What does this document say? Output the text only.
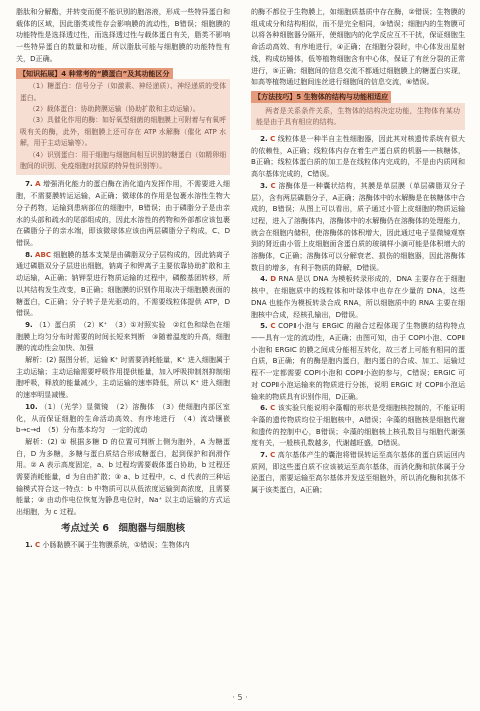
脂肽和分解酯，并转变而便不能识别的胞溶液，形成一些特异蛋白和载体的区域，因此脂类或性存会影响膜的流动性，B错误；细胞膜的功能特性是选择透过性，而选择透过性与载体蛋白有关，脂类不影响一些特异蛋白的数量和功能，所以脂肽可能与细胞膜的功能特性有关，D正确。

【知识拓展】4 种常考的“膜蛋白”及其功能区分

（1）糖蛋白：信号分子（如激素、神经递质）、神经递质的受体蛋白。

（2）载体蛋白：协助跨膜运输（协助扩散和主动运输）。

（3）具催化作用的酶：如好氧型细菌的细胞膜上可附着与有氧呼吸有关的酶，此外，细胞膜上还可存在 ATP 水解酶（催化 ATP 水解，用于主动运输等）。

（4）识别蛋白：用于细胞与细胞间相互识别的糖蛋白（如精卵细胞间的识别、免疫细胞对抗原的特异性识别等）。

7. A 增强消化能力的蛋白酶在消化道内发挥作用，不需要进入细胞，不需要膜转运运输，A正确；微球体的作用是包裹水溶性生物大分子药物，运输到患病部位的细胞中，B错误；由于磷脂分子是由亲水的头部和疏水的尾部组成的，因此水溶性的药物和外部都应该包裹在磷脂分子的亲水端，即该微球体应该由两层磷脂分子构成，C、D错误。

8. ABC 细胞膜的基本支架是由磷脂双分子层构成的，因此钠离子通过磷脂双分子层进出细胞，钠离子和钾离子主要依靠协助扩散和主动运输，A正确；钠钾泵进行物质运输的过程中，磷酸基团转移，所以其结构发生改变，B正确；细胞膜的识别作用取决于细胞膜表面的糖蛋白，C正确；分子转子是光驱动的，不需要线粒体提供 ATP，D错误。

9. （1）蛋白质　（2）K⁺　（3）①对照实验　②红色和绿色在细胞膜上均匀分布时需要的时间长短来判断　③随着温度的升高，细胞膜的流动性会加快、加强

解析：(2) 据图分析，运输 K⁺ 时需要消耗能量，K⁺ 进入细胞属于主动运输；主动运输需要呼吸作用提供能量，加入呼吸抑制剂抑制细胞呼吸，释放的能量减少，主动运输的速率降低，所以 K⁺ 进入细胞的速率明显减慢。

10. （1）（光学）显微镜　（2）溶酶体　（3）使细胞内部区室化，从而保证细胞的生命活动高效、有序地进行　（4）流动镶嵌　b→c→d　（5）分布基本均匀　一定的流动

解析：(2) ① 根据多糖 D 的位置可判断上侧为胞外，A 为糖蛋白，D 为多糖，多糖与蛋白质结合形成糖蛋白，起到保护和润滑作用。② A 表示高度固定，a、b 过程均需要载体蛋白协助，b 过程还需要消耗能量，d 为自由扩散；③ a、b 过程中，c、d 代表的三种运输模式符合这一特点：b 中物质可以从低浓度运输到高浓度，且需要能量；③ 由动作电位恢复为静息电位时，Na⁺ 以主动运输的方式运出细胞，为 c 过程。

考点过关 6　细胞器与细胞核

1. C 小肠黏膜不属于生物膜系统，①错误；生物体内

的酶不都位于生物膜上，如细胞质基质中存在酶，②错误；生物膜的组成成分和结构相似，而不是完全相同，③错误；细胞内的生物膜可以将各种细胞器分隔开，使细胞内的化学反应互不干扰，保证细胞生命活动高效、有序地进行，④正确；在细胞分裂时，中心体发出星射线，构成纺锤体，低等植物细胞含有中心体，保证了有丝分裂的正常进行，⑤正确；细胞间的信息交流不都通过细胞膜上的糖蛋白实现，如高等植物通过胞间连丝进行细胞间的信息交流，⑥错误。

【方法技巧】5 生物体的结构与功能相适应

两者是关系条件关系，生物体的结构决定功能，生物体有某功能是由于具有相应的结构。

2. C 线粒体是一种半自主性细胞器，因此其对核遗传系统有很大的依赖性，A正确；线粒体内存在着生产蛋白质的机器——核糖体，B正确；线粒体蛋白质的加工是在线粒体内完成的，不是由内质网和高尔基体完成的，C错误。

3. C 溶酶体是一种囊状结构，其膜是单层膜（单层磷脂双分子层），含有两层磷脂分子，A正确；溶酶体中的水解酶是在核糖体中合成的，B错误；从图上可以看出，质子通过小管上皮细胞的物质运输过程，进入了溶酶体内，溶酶体中的水解酶仍在溶酶体的处理能力，就会在细胞内储积，使溶酶体的体积增大，因此通过电子显微镜观察到的肾近曲小管上皮细胞面含蛋白质的玻璃样小滴可能是体积增大的溶酶体，C正确；溶酶体可以分解衰老、损伤的细胞器，因此溶酶体数目的增多，有利于物质的降解，D错误。

4. D RNA 是以 DNA 为模板转录形成的，DNA 主要存在于细胞核中，在细胞质中的线粒体和叶绿体中也存在少量的 DNA，这些 DNA 也能作为模板转录合成 RNA，所以细胞质中的 RNA 主要在细胞核中合成，经核孔输出，D错误。

5. C COPⅡ小泡与 ERGIC 的融合过程体现了生物膜的结构特点——具有一定的流动性，A正确；由图可知，由于 COPⅠ小泡、COPⅡ小泡和 ERGIC 的膜之间成分能相互转化，故三者上可能有相同的蛋白质，B正确；有的酶是胞内蛋白，胞内蛋白的合成、加工、运输过程不一定都需要 COPⅠ小泡和 COPⅡ小泡的参与，C错误；ERGIC 可对 COPⅡ小泡运输来的物质进行分拣，说明 ERGIC 对 COPⅡ小泡运输来的物质具有识别作用，D正确。

6. C 该实验只能说明伞藻帽的形状是受细胞核控制的，不能证明伞藻的遗传物质均位于细胞核中，A错误；伞藻的细胞核是细胞代谢和遗传的控制中心，B错误；伞藻的细胞核上核孔数目与细胞代谢强度有关，一般核孔数越多，代谢越旺盛，D错误。

7. C 高尔基体产生的囊泡将错误转运至高尔基体的蛋白质运回内质网，即这些蛋白质不应该被运至高尔基体，而消化酶和抗体属于分泌蛋白，需要运输至高尔基体并发送至细胞外，所以消化酶和抗体不属于该类蛋白，A正确；

· 5 ·
